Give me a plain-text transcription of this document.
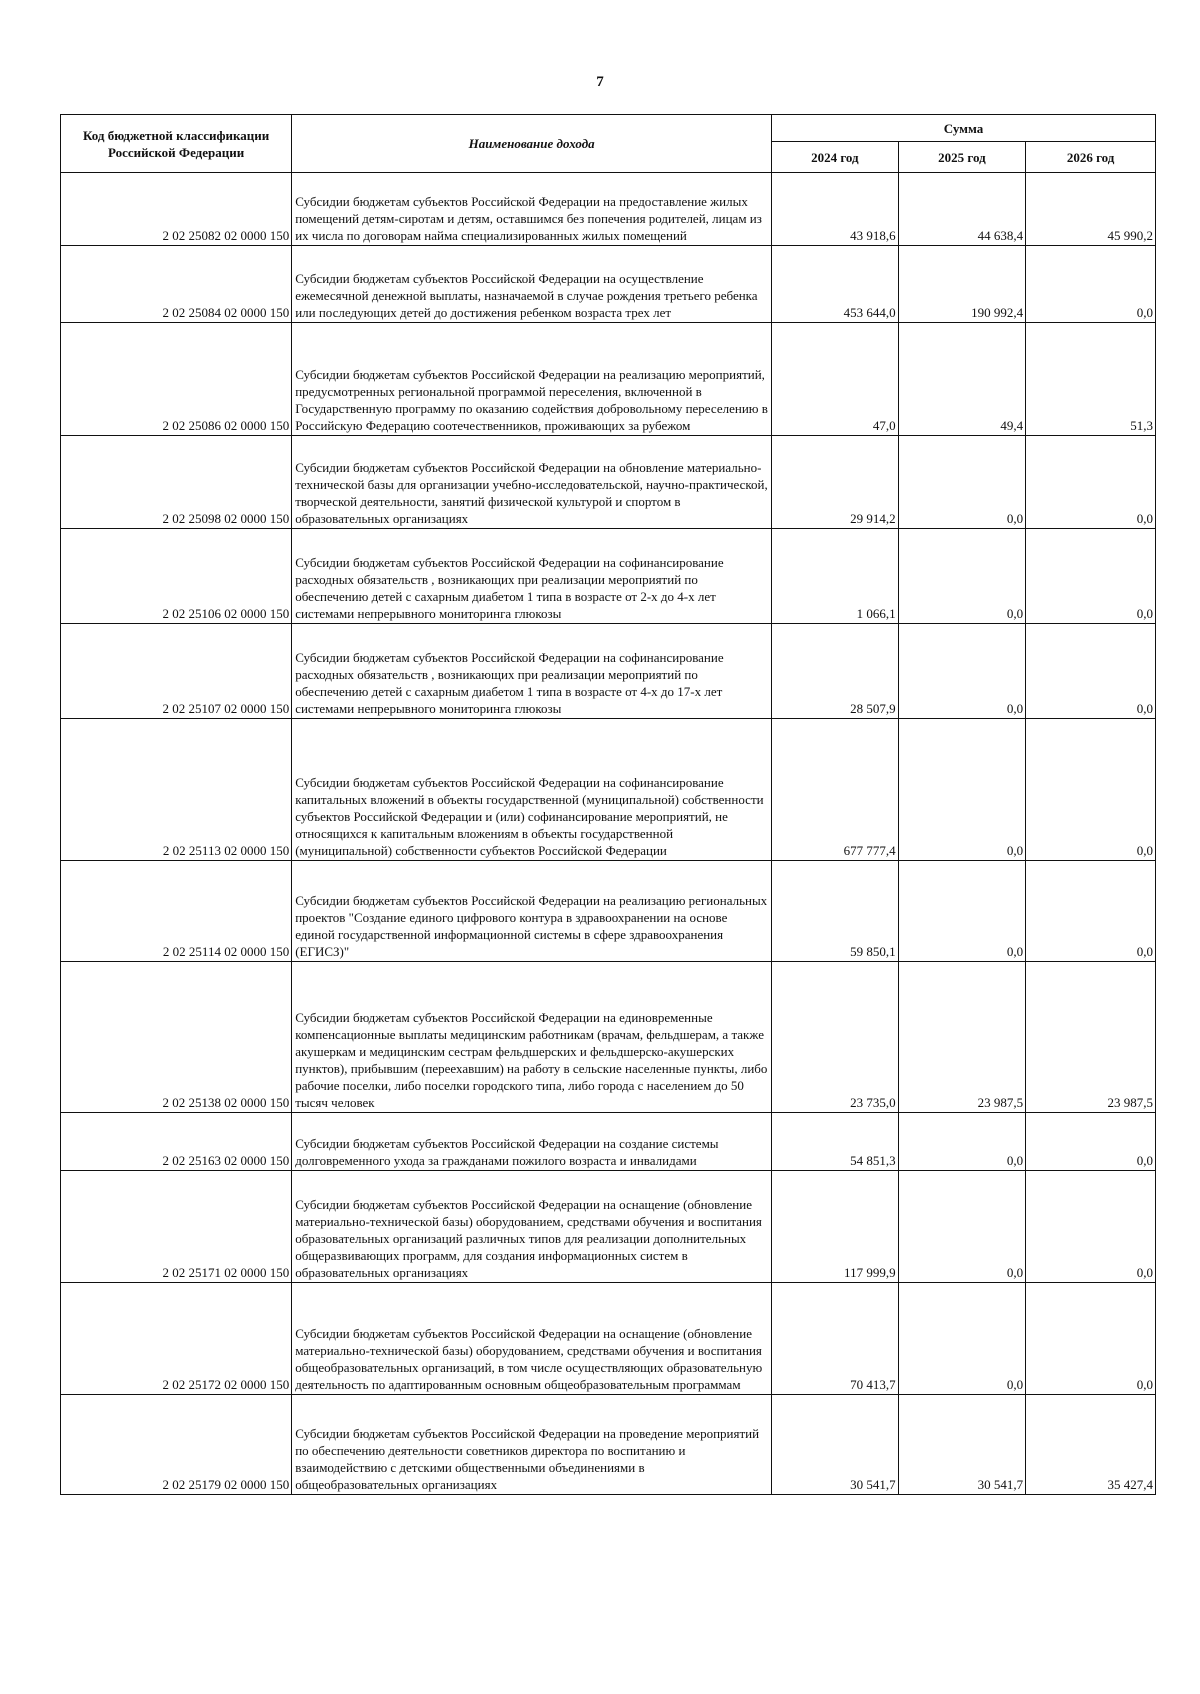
7
Код бюджетной классификации Российской Федерации	Наименование дохода	Сумма		
		2024 год	2025 год	2026 год
2 02 25082 02 0000 150	Субсидии бюджетам субъектов Российской Федерации на предоставление жилых помещений детям-сиротам и детям, оставшимся без попечения родителей, лицам из их числа по договорам найма специализированных жилых помещений	43 918,6	44 638,4	45 990,2
2 02 25084 02 0000 150	Субсидии бюджетам субъектов Российской Федерации на осуществление ежемесячной денежной выплаты, назначаемой в случае рождения третьего ребенка или последующих детей до достижения ребенком возраста трех лет	453 644,0	190 992,4	0,0
2 02 25086 02 0000 150	Субсидии бюджетам субъектов Российской Федерации на реализацию мероприятий, предусмотренных региональной программой переселения, включенной в Государственную программу по оказанию содействия добровольному переселению в Российскую Федерацию соотечественников, проживающих за рубежом	47,0	49,4	51,3
2 02 25098 02 0000 150	Субсидии бюджетам субъектов Российской Федерации на обновление материально-технической базы для организации учебно-исследовательской, научно-практической, творческой деятельности, занятий физической культурой и спортом в образовательных организациях	29 914,2	0,0	0,0
2 02 25106 02 0000 150	Субсидии бюджетам субъектов Российской Федерации на софинансирование расходных обязательств , возникающих при реализации мероприятий по обеспечению детей с сахарным диабетом 1 типа в возрасте от 2-х до 4-х лет системами непрерывного мониторинга глюкозы	1 066,1	0,0	0,0
2 02 25107 02 0000 150	Субсидии бюджетам субъектов Российской Федерации на софинансирование расходных обязательств , возникающих при реализации мероприятий по обеспечению детей с сахарным диабетом 1 типа в возрасте от 4-х до 17-х лет системами непрерывного мониторинга глюкозы	28 507,9	0,0	0,0
2 02 25113 02 0000 150	Субсидии бюджетам субъектов Российской Федерации на софинансирование капитальных вложений в объекты государственной (муниципальной) собственности субъектов Российской Федерации и (или) софинансирование мероприятий, не относящихся к капитальным вложениям в объекты государственной (муниципальной) собственности субъектов Российской Федерации	677 777,4	0,0	0,0
2 02 25114 02 0000 150	Субсидии бюджетам субъектов Российской Федерации на реализацию региональных проектов "Создание единого цифрового контура в здравоохранении на основе единой государственной информационной системы в сфере здравоохранения (ЕГИСЗ)"	59 850,1	0,0	0,0
2 02 25138 02 0000 150	Субсидии бюджетам субъектов Российской Федерации на единовременные компенсационные выплаты медицинским работникам (врачам, фельдшерам, а также акушеркам и медицинским сестрам фельдшерских и фельдшерско-акушерских пунктов), прибывшим (переехавшим) на работу в сельские населенные пункты, либо рабочие поселки, либо поселки городского типа, либо города с населением до 50 тысяч человек	23 735,0	23 987,5	23 987,5
2 02 25163 02 0000 150	Субсидии бюджетам субъектов Российской Федерации на создание системы долговременного ухода за гражданами пожилого возраста и инвалидами	54 851,3	0,0	0,0
2 02 25171 02 0000 150	Субсидии бюджетам субъектов Российской Федерации на оснащение (обновление материально-технической базы) оборудованием, средствами обучения и воспитания образовательных организаций различных типов для реализации дополнительных общеразвивающих программ, для создания информационных систем в образовательных организациях	117 999,9	0,0	0,0
2 02 25172 02 0000 150	Субсидии бюджетам субъектов Российской Федерации на оснащение (обновление материально-технической базы) оборудованием, средствами обучения и воспитания общеобразовательных организаций, в том числе осуществляющих образовательную деятельность по адаптированным основным общеобразовательным программам	70 413,7	0,0	0,0
2 02 25179 02 0000 150	Субсидии бюджетам субъектов Российской Федерации на проведение мероприятий по обеспечению деятельности советников директора по воспитанию и взаимодействию с детскими общественными объединениями в общеобразовательных организациях	30 541,7	30 541,7	35 427,4
